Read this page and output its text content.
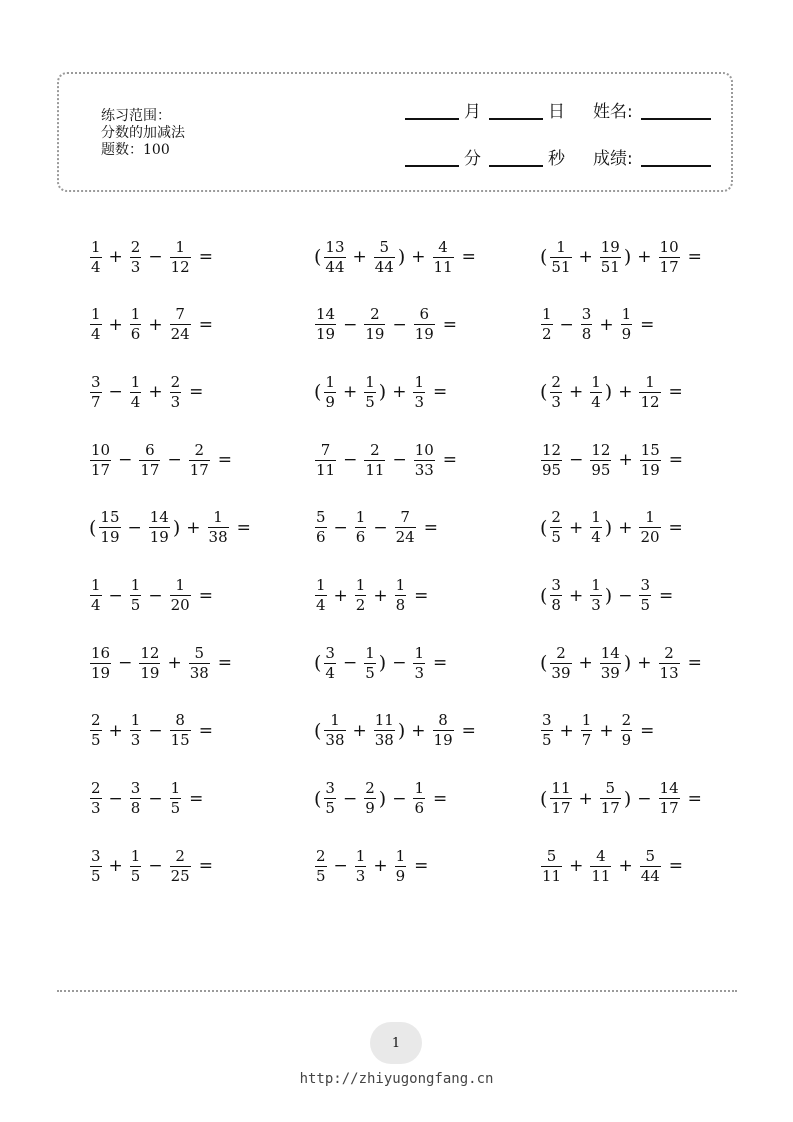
练习范围：
分数的加减法
题数：100
月	日 姓名:
分	秒 成绩:
$\frac{1}{4} + \frac{2}{3} - \frac{1}{12}$ =	( $\frac{13}{44} + \frac{5}{44}$ ) + $\frac{4}{11}$ =	( $\frac{1}{51} + \frac{19}{51}$ ) + $\frac{10}{17}$ =
$\frac{1}{4} + \frac{1}{6} + \frac{7}{24}$ =	$\frac{14}{19} - \frac{2}{19} - \frac{6}{19}$ =	$\frac{1}{2} - \frac{3}{8} + \frac{1}{9}$ =
$\frac{3}{7} - \frac{1}{4} + \frac{2}{3}$ =	( $\frac{1}{9} + \frac{1}{5}$ ) + $\frac{1}{3}$ =	( $\frac{2}{3} + \frac{1}{4}$ ) + $\frac{1}{12}$ =
$\frac{10}{17} - \frac{6}{17} - \frac{2}{17}$ =	$\frac{7}{11} - \frac{2}{11} - \frac{10}{33}$ =	$\frac{12}{95} - \frac{12}{95} + \frac{15}{19}$ =
( $\frac{15}{19} - \frac{14}{19}$ ) + $\frac{1}{38}$ =	$\frac{5}{6} - \frac{1}{6} - \frac{7}{24}$ =	( $\frac{2}{5} + \frac{1}{4}$ ) + $\frac{1}{20}$ =
$\frac{1}{4} - \frac{1}{5} - \frac{1}{20}$ =	$\frac{1}{4} + \frac{1}{2} + \frac{1}{8}$ =	( $\frac{3}{8} + \frac{1}{3}$ ) − $\frac{3}{5}$ =
$\frac{16}{19} - \frac{12}{19} + \frac{5}{38}$ =	( $\frac{3}{4} - \frac{1}{5}$ ) − $\frac{1}{3}$ =	( $\frac{2}{39} + \frac{14}{39}$ ) + $\frac{2}{13}$ =
$\frac{2}{5} + \frac{1}{3} - \frac{8}{15}$ =	( $\frac{1}{38} + \frac{11}{38}$ ) + $\frac{8}{19}$ =	$\frac{3}{5} + \frac{1}{7} + \frac{2}{9}$ =
$\frac{2}{3} - \frac{3}{8} - \frac{1}{5}$ =	( $\frac{3}{5} - \frac{2}{9}$ ) − $\frac{1}{6}$ =	( $\frac{11}{17} + \frac{5}{17}$ ) − $\frac{14}{17}$ =
$\frac{3}{5} + \frac{1}{5} - \frac{2}{25}$ =	$\frac{2}{5} - \frac{1}{3} + \frac{1}{9}$ =	$\frac{5}{11} + \frac{4}{11} + \frac{5}{44}$ =
1
http://zhiyugongfang.cn
